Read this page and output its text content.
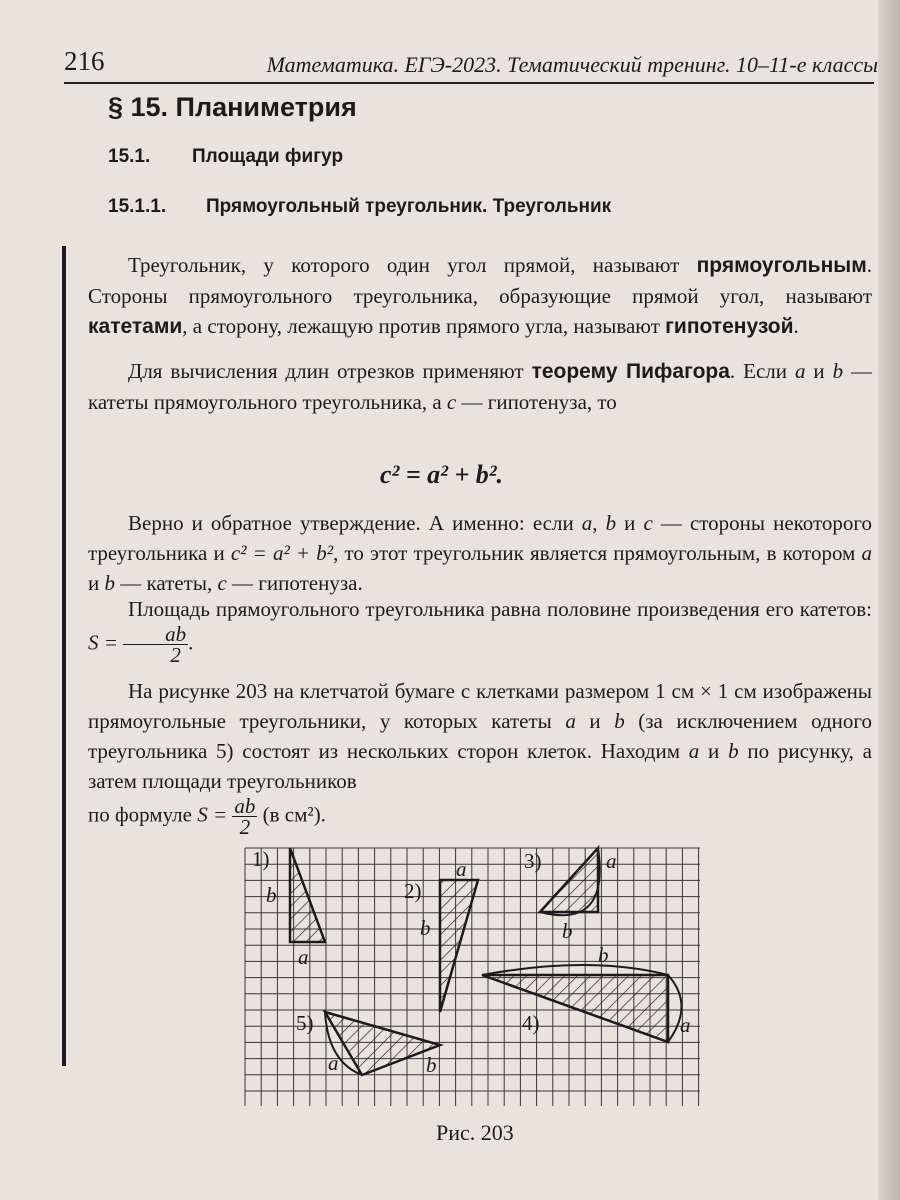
216	Математика. ЕГЭ-2023. Тематический тренинг. 10–11-е классы
§ 15. Планиметрия
15.1. Площади фигур
15.1.1. Прямоугольный треугольник. Треугольник

Треугольник, у которого один угол прямой, называют прямоугольным. Стороны прямоугольного треугольника, образующие прямой угол, называют катетами, а сторону, лежащую против прямого угла, называют гипотенузой.

Для вычисления длин отрезков применяют теорему Пифагора. Если a и b — катеты прямоугольного треугольника, а c — гипотенуза, то

c² = a² + b².

Верно и обратное утверждение. А именно: если a, b и c — стороны некоторого треугольника и c² = a² + b², то этот треугольник является прямоугольным, в котором a и b — катеты, c — гипотенуза.

Площадь прямоугольного треугольника равна половине произведения его катетов: $S = \frac{ab}{2}$ .

На рисунке 203 на клетчатой бумаге с клетками размером 1 см × 1 см изображены прямоугольные треугольники, у которых катеты a и b (за исключением одного треугольника 5) состоят из нескольких сторон клеток. Находим a и b по рисунку, а затем площади треугольников

по формуле $S = \frac{ab}{2} (в$ см²).

1)
b
a
2)
a
b
3)	a
b
b
4)	a
5)
a	b
Рис. 203
